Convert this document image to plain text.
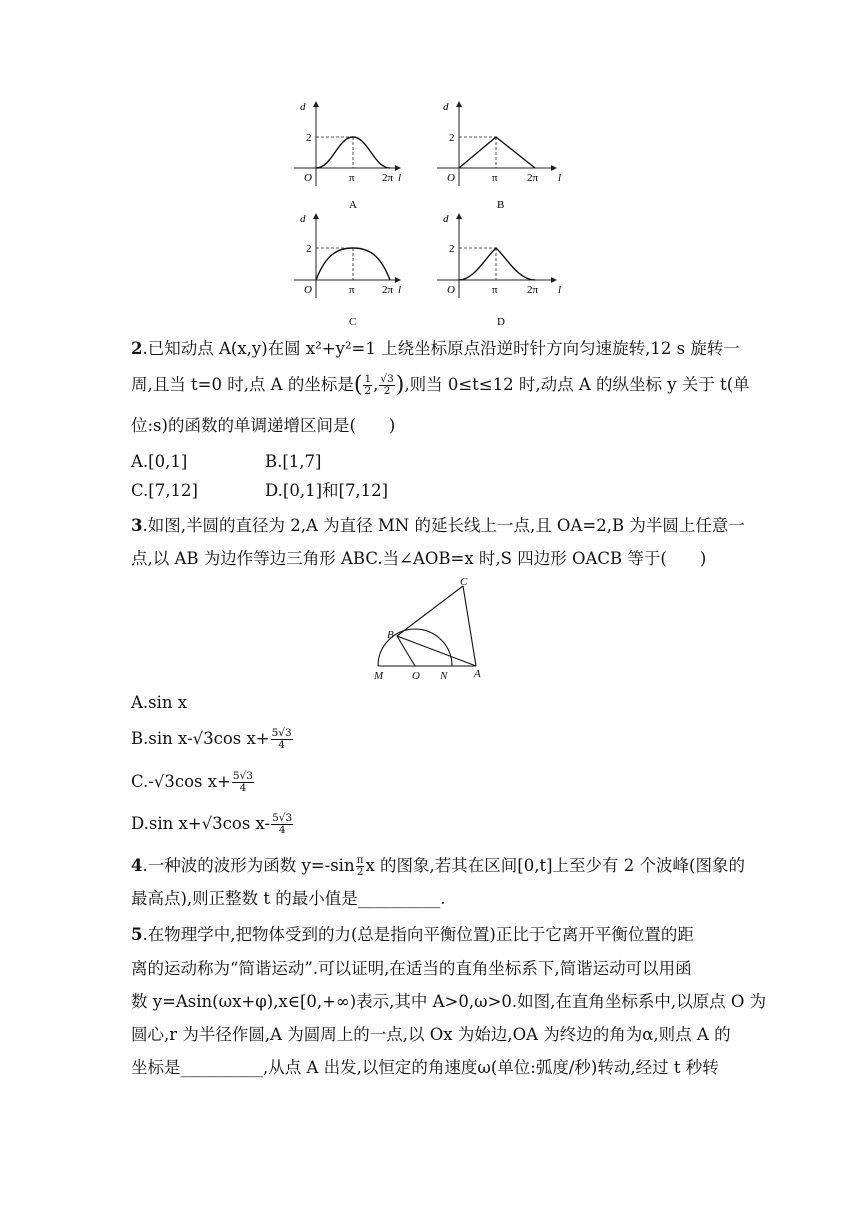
d
2
O	π 2π l
A
d
2
O	π	2π l
B
d
2
O	π 2π l
C
d
2
O	π	2π l
D
2.已知动点 A(x,y)在圆 x²+y²=1 上绕坐标原点沿逆时针方向匀速旋转,12 s 旋转一
周,且当 t=0 时,点 A 的坐标是( $\frac{1}{2}$ , $\frac{√3}{2}$ ),则当 0≤t≤12 时,动点 A 的纵坐标 y 关于 t(单
位:s)的函数的单调递增区间是(　　)
A.[0,1]	B.[1,7]
C.[7,12]	D.[0,1]和[7,12]
3.如图,半圆的直径为 2,A 为直径 MN 的延长线上一点,且 OA=2,B 为半圆上任意一
点,以 AB 为边作等边三角形 ABC.当∠AOB=x 时,S 四边形 OACB 等于(　　)
C
B
M	O N A
A.sin x
B.sin x-√3cos $x+ \frac{5√3}{4}$
C.-√3cos $x+ \frac{5√3}{4}$
D.sin x+√3cos $x- \frac{5√3}{4}$
4.一种波的波形为函数 $y=-\sin \frac{\pi}{2}$ x 的图象,若其在区间[0,t]上至少有 2 个波峰(图象的
最高点),则正整数 t 的最小值是__________.
5.在物理学中,把物体受到的力(总是指向平衡位置)正比于它离开平衡位置的距
离的运动称为“简谐运动”.可以证明,在适当的直角坐标系下,简谐运动可以用函
数 y=Asin(ωx+φ),x∈[0,+∞)表示,其中 A>0,ω>0.如图,在直角坐标系中,以原点 O 为
圆心,r 为半径作圆,A 为圆周上的一点,以 Ox 为始边,OA 为终边的角为α,则点 A 的
坐标是__________,从点 A 出发,以恒定的角速度ω(单位:弧度/秒)转动,经过 t 秒转
